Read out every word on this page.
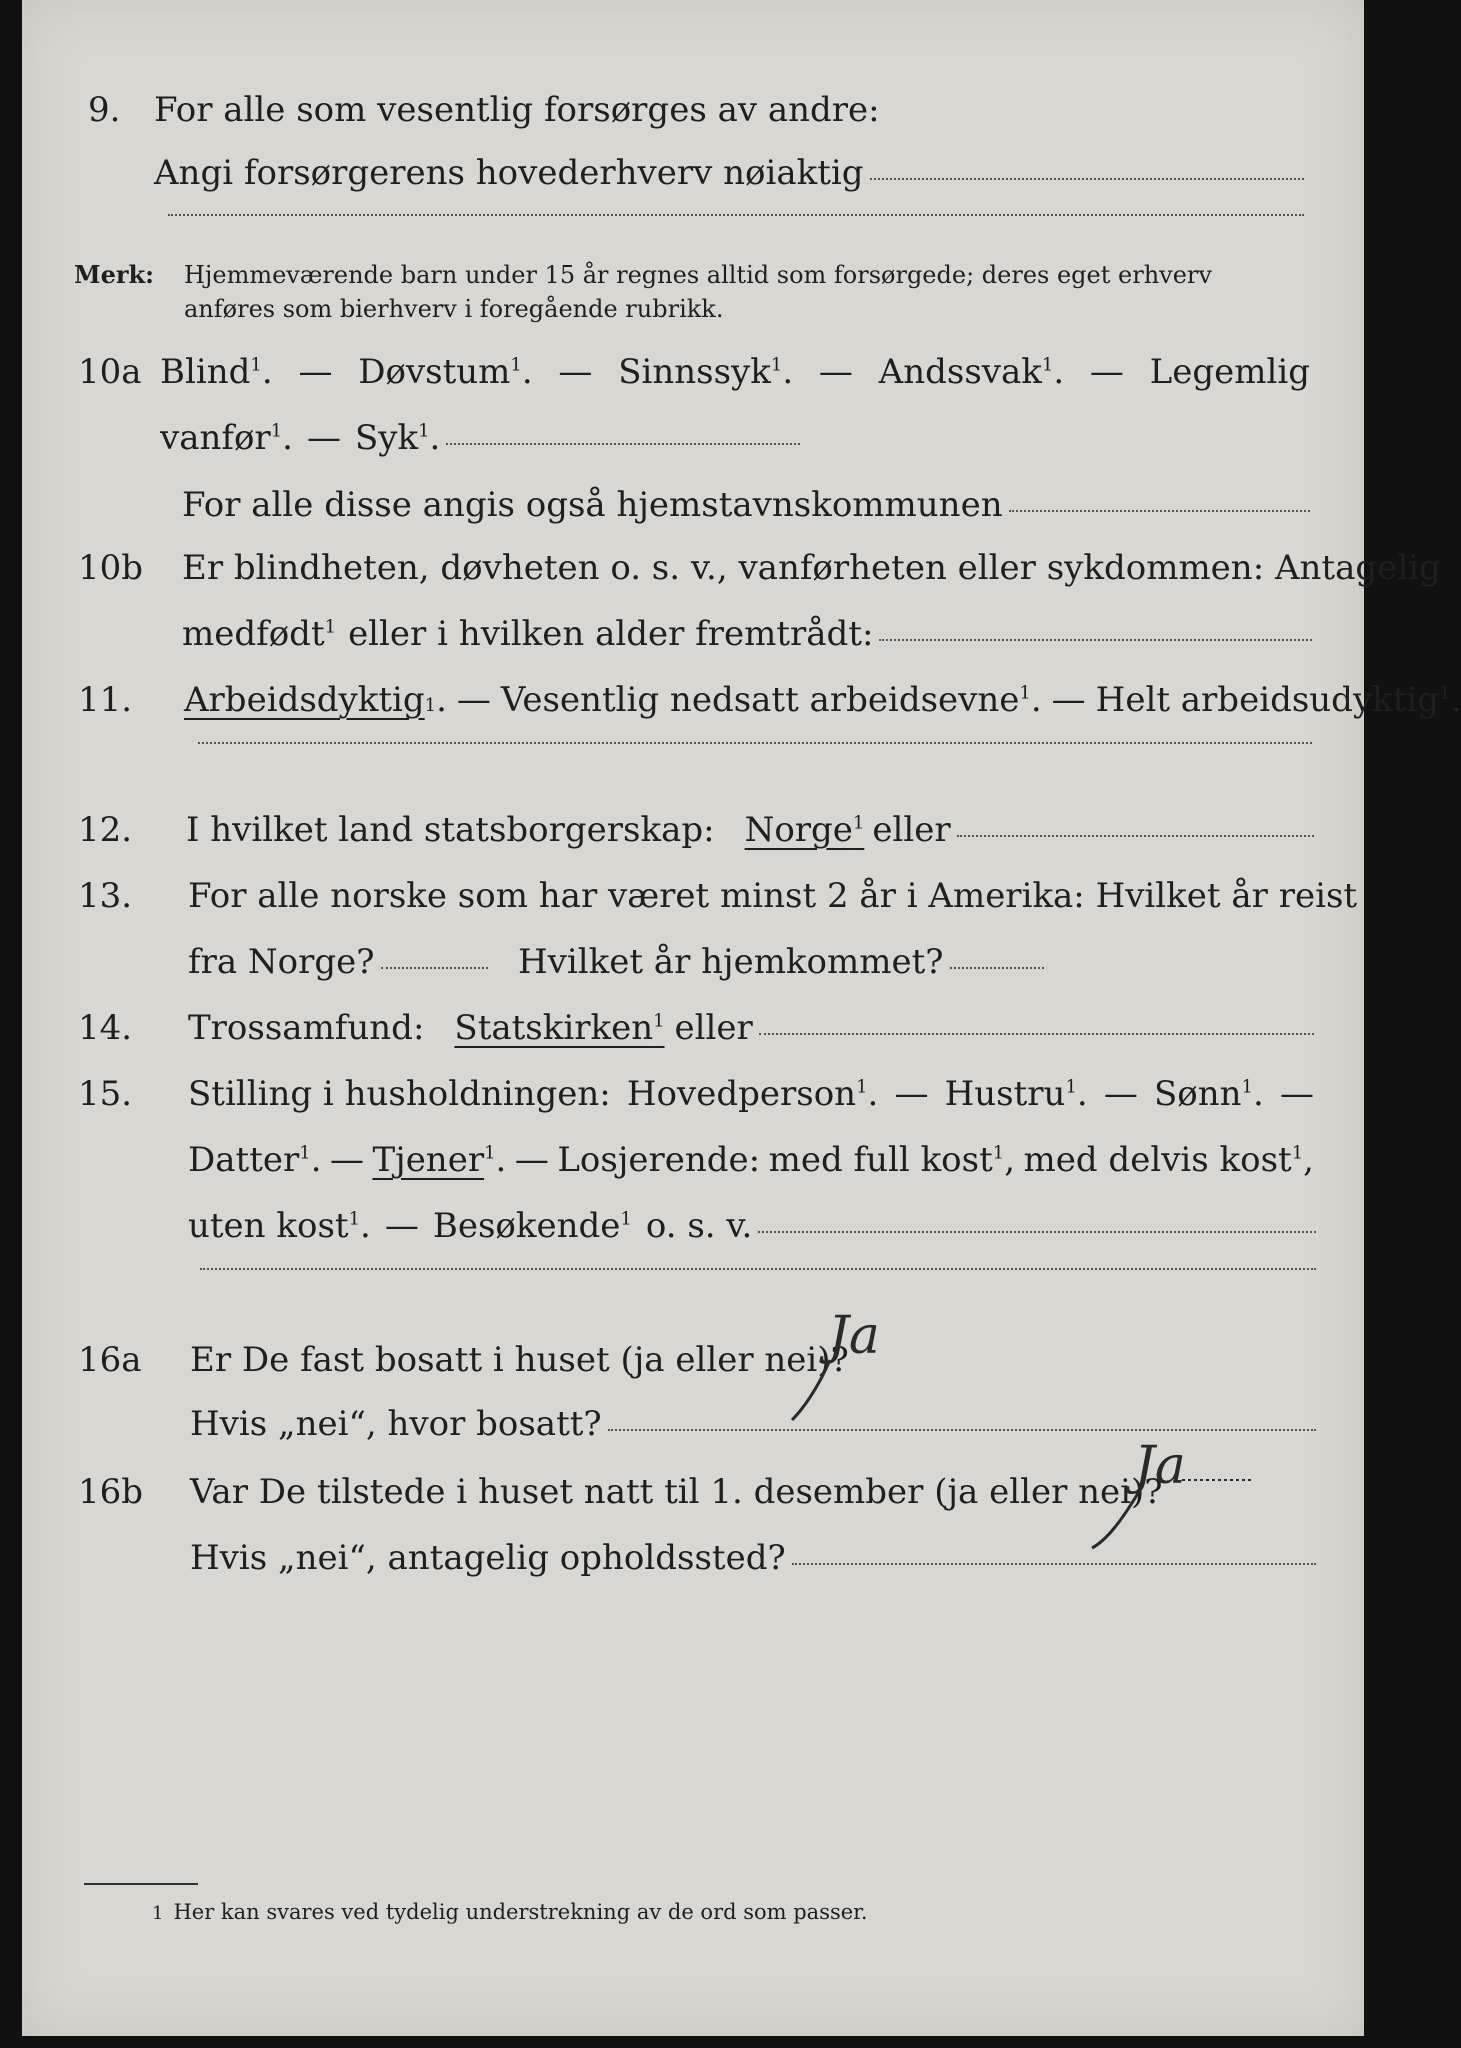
9. For alle som vesentlig forsørges av andre:
Angi forsørgerens hovederhverv nøiaktig
Merk:	Hjemmeværende barn under 15 år regnes alltid som forsørgede; deres eget erhverv
anføres som bierhverv i foregående rubrikk.
10a Blind$^1$. — Døvstum$^1$. — Sinnssyk$^1$. — Andssvak$^1$. — Legemlig
vanfør$^1$. — Syk$^1$.
For alle disse angis også hjemstavnskommunen
10b	Er blindheten, døvheten o. s. v., vanførheten eller sykdommen: Antagelig
medfødt$^1$ eller i hvilken alder fremtrådt:
11.	Arbeidsdyktig 1 . — Vesentlig nedsatt arbeidsevne$^1$. — Helt arbeidsudyktig$^1$.
12.	I hvilket land statsborgerskap: Norge$^1$ eller
13.	For alle norske som har været minst 2 år i Amerika: Hvilket år reist
fra Norge?	Hvilket år hjemkommet?
14.	Trossamfund: Statskirken$^1$ eller
15.	Stilling i husholdningen: Hovedperson$^1$. — Hustru$^1$. — Sønn$^1$. —
Datter$^1$. — Tjener$^1$. — Losjerende: med full kost$^1$, med delvis kost$^1$,
uten kost$^1$. — Besøkende$^1$ o. s. v.
16a	Er De fast bosatt i huset (ja eller nei)?
Ja
Hvis „nei“, hvor bosatt?
16b	Var De tilstede i huset natt til 1. desember (ja eller nei)?
Ja
Hvis „nei“, antagelig opholdssted?
1 Her kan svares ved tydelig understrekning av de ord som passer.
